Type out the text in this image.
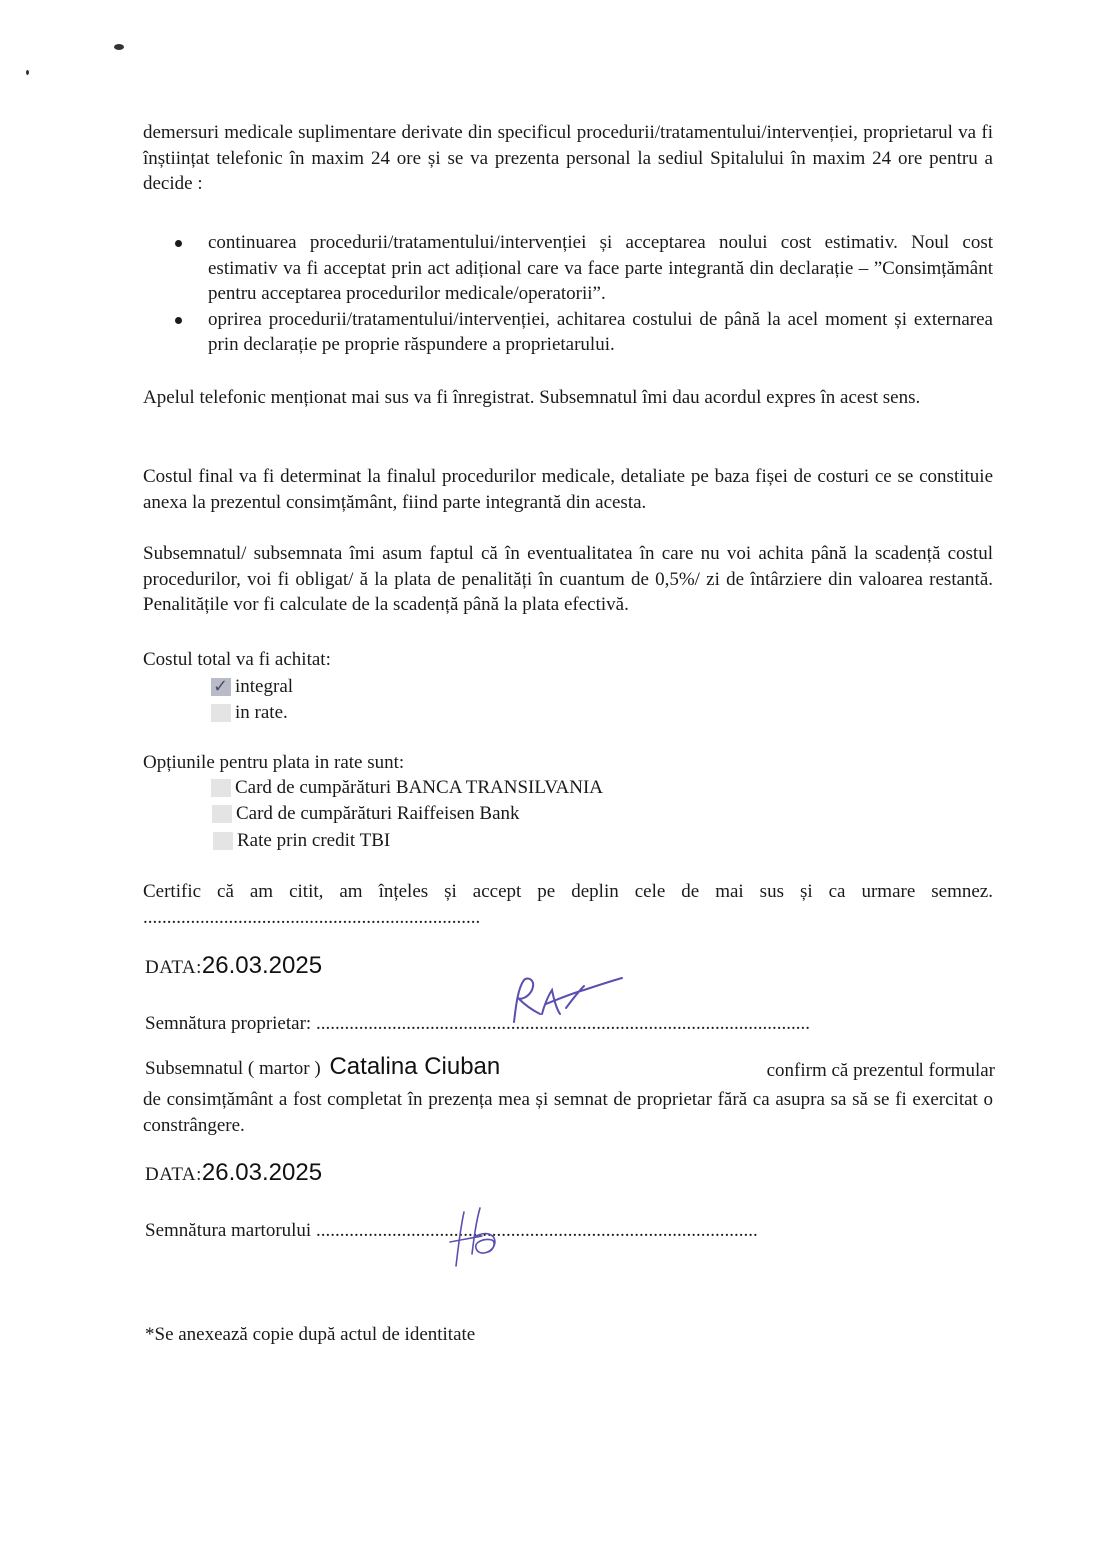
demersuri medicale suplimentare derivate din specificul procedurii/tratamentului/intervenției, proprietarul va fi înștiințat telefonic în maxim 24 ore și se va prezenta personal la sediul Spitalului în maxim 24 ore pentru a decide :

continuarea procedurii/tratamentului/intervenției și acceptarea noului cost estimativ. Noul cost estimativ va fi acceptat prin act adițional care va face parte integrantă din declarație – ”Consimțământ pentru acceptarea procedurilor medicale/operatorii”.
oprirea procedurii/tratamentului/intervenției, achitarea costului de până la acel moment și externarea prin declarație pe proprie răspundere a proprietarului.

Apelul telefonic menționat mai sus va fi înregistrat. Subsemnatul îmi dau acordul expres în acest sens.

Costul final va fi determinat la finalul procedurilor medicale, detaliate pe baza fișei de costuri ce se constituie anexa la prezentul consimțământ, fiind parte integrantă din acesta.

Subsemnatul/ subsemnata îmi asum faptul că în eventualitatea în care nu voi achita până la scadență costul procedurilor, voi fi obligat/ ă la plata de penalități în cuantum de 0,5%/ zi de întârziere din valoarea restantă. Penalitățile vor fi calculate de la scadență până la plata efectivă.

Costul total va fi achitat:
✓ integral
in rate.
Opțiunile pentru plata in rate sunt:
Card de cumpărături BANCA TRANSILVANIA
Card de cumpărături Raiffeisen Bank
Rate prin credit TBI

Certific că am citit, am înțeles și accept pe deplin cele de mai sus și ca urmare semnez. .......................................................................

DATA:26.03.2025
Semnătura proprietar: ........................................................................................................
Subsemnatul ( martor ) Catalina Ciuban	confirm că prezentul formular

de consimțământ a fost completat în prezența mea și semnat de proprietar fără ca asupra sa să se fi exercitat o constrângere.

DATA:26.03.2025
Semnătura martorului .............................................................................................
*Se anexează copie după actul de identitate
